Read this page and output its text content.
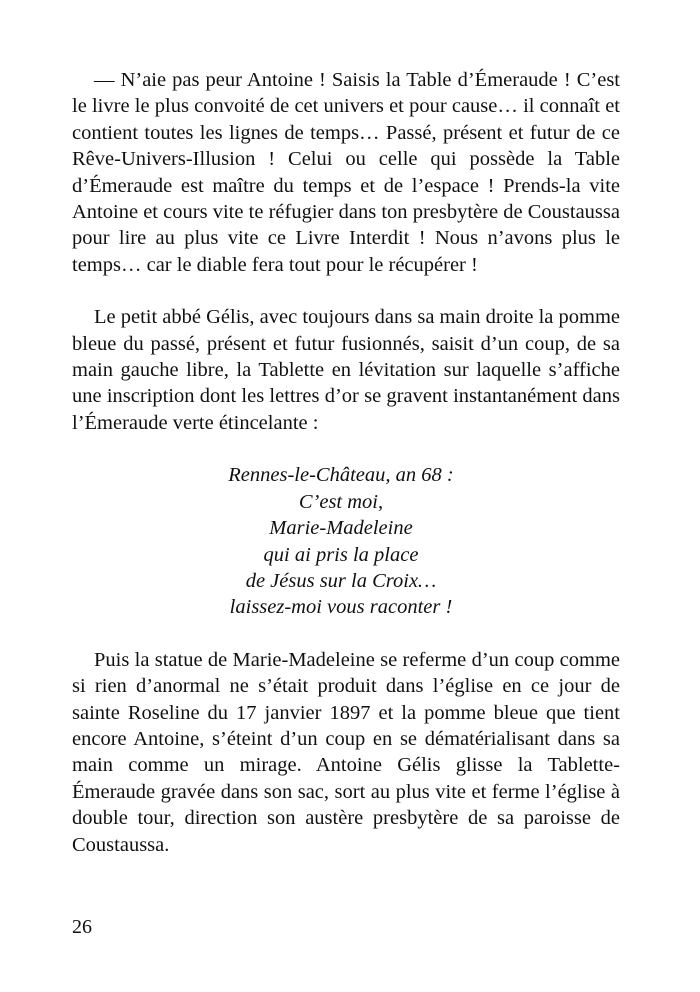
— N’aie pas peur Antoine ! Saisis la Table d’Émeraude ! C’est le livre le plus convoité de cet univers et pour cause… il connaît et contient toutes les lignes de temps… Passé, présent et futur de ce Rêve-Univers-Illusion ! Celui ou celle qui possède la Table d’Émeraude est maître du temps et de l’espace ! Prends-la vite Antoine et cours vite te réfugier dans ton presbytère de Coustaussa pour lire au plus vite ce Livre Interdit ! Nous n’avons plus le temps… car le diable fera tout pour le récupérer !

Le petit abbé Gélis, avec toujours dans sa main droite la pomme bleue du passé, présent et futur fusionnés, saisit d’un coup, de sa main gauche libre, la Tablette en lévitation sur laquelle s’affiche une inscription dont les lettres d’or se gravent instantanément dans l’Émeraude verte étincelante :

Rennes-le-Château, an 68 :
C’est moi,
Marie-Madeleine
qui ai pris la place
de Jésus sur la Croix…
laissez-moi vous raconter !

Puis la statue de Marie-Madeleine se referme d’un coup comme si rien d’anormal ne s’était produit dans l’église en ce jour de sainte Roseline du 17 janvier 1897 et la pomme bleue que tient encore Antoine, s’éteint d’un coup en se dématérialisant dans sa main comme un mirage. Antoine Gélis glisse la Tablette-Émeraude gravée dans son sac, sort au plus vite et ferme l’église à double tour, direction son austère presbytère de sa paroisse de Coustaussa.

26
